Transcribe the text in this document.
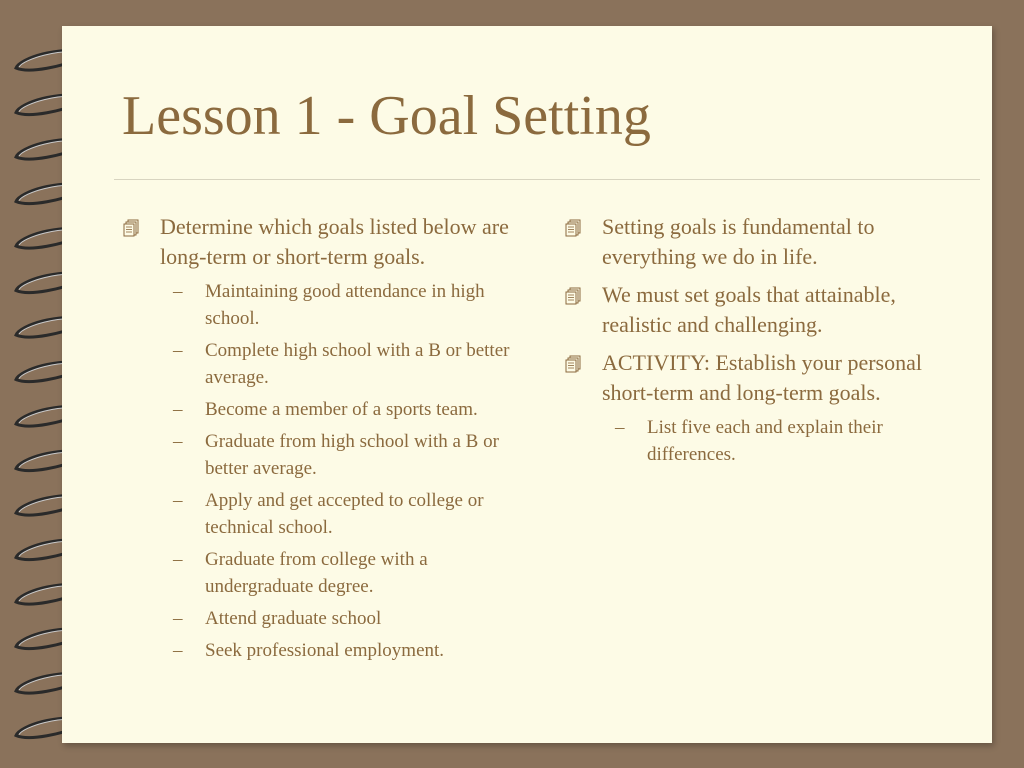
Lesson 1 - Goal Setting
Determine which goals listed below are long-term or short-term goals.
– Maintaining good attendance in high school.
– Complete high school with a B or better average.
– Become a member of a sports team.
– Graduate from high school with a B or better average.
– Apply and get accepted to college or technical school.
– Graduate from college with a undergraduate degree.
– Attend graduate school
– Seek professional employment.
Setting goals is fundamental to everything we do in life.
We must set goals that attainable, realistic and challenging.
ACTIVITY: Establish your personal short-term and long-term goals.
– List five each and explain their differences.
